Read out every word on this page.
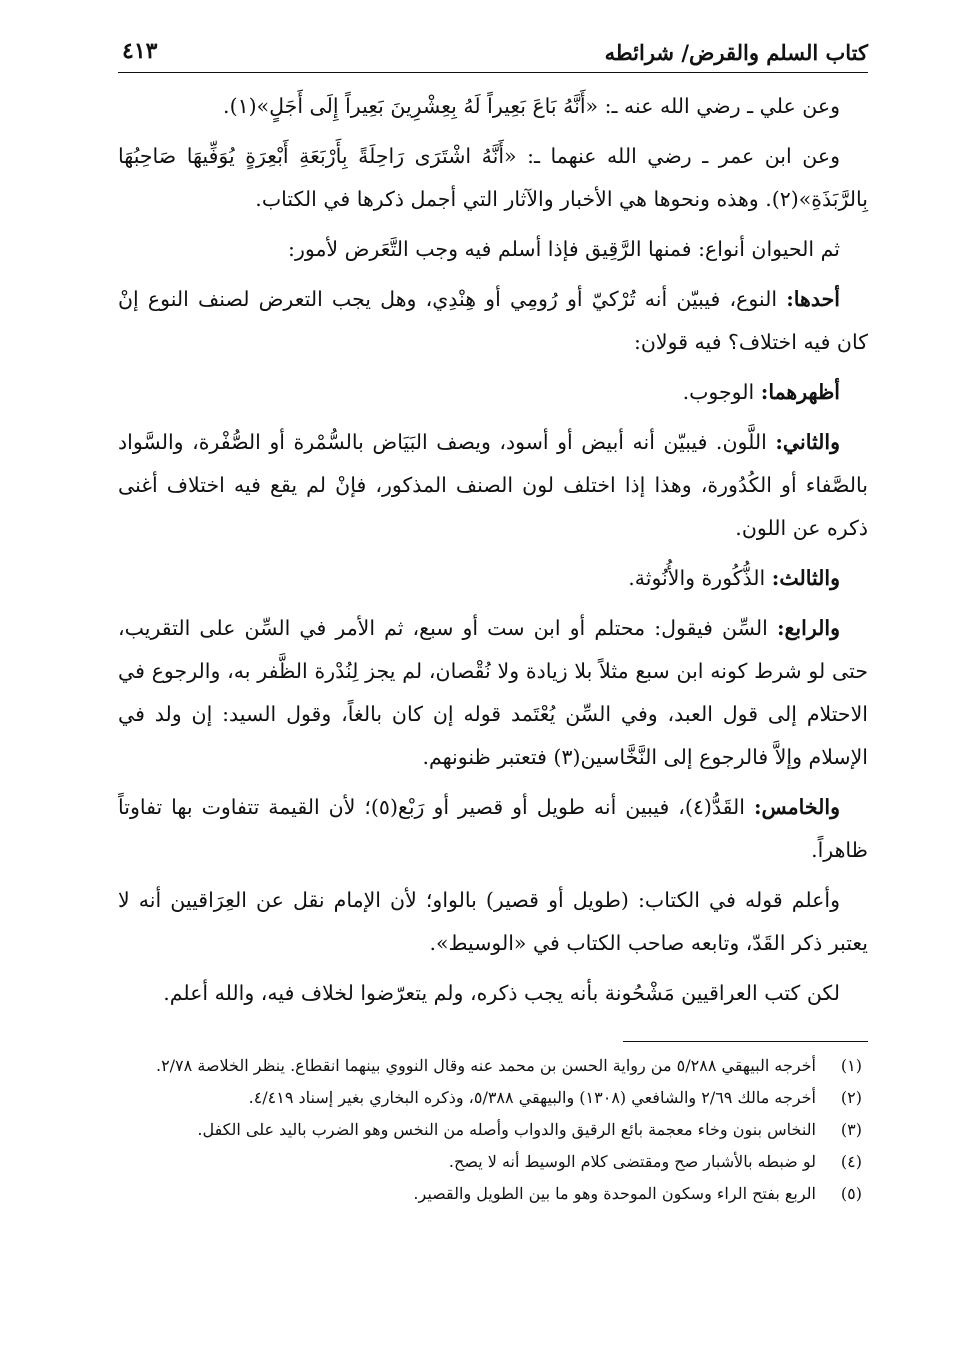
كتاب السلم والقرض/ شرائطه
٤١٣

وعن علي ـ رضي الله عنه ـ: «أَنَّهُ بَاعَ بَعِيراً لَهُ بِعِشْرِينَ بَعِيراً إِلَى أَجَلٍ»(١).

وعن ابن عمر ـ رضي الله عنهما ـ: «أَنَّهُ اشْتَرَى رَاحِلَةً بِأَرْبَعَةِ أَبْعِرَةٍ يُوَفِّيهَا صَاحِبُهَا بِالرَّبَذَةِ»(٢). وهذه ونحوها هي الأخبار والآثار التي أجمل ذكرها في الكتاب.

ثم الحيوان أنواع: فمنها الرَّقِيق فإذا أسلم فيه وجب التَّعَرض لأمور:

أحدها: النوع، فيبيّن أنه تُرْكيّ أو رُومِي أو هِنْدِي، وهل يجب التعرض لصنف النوع إنْ كان فيه اختلاف؟ فيه قولان:

أظهرهما: الوجوب.

والثاني: اللَّون. فيبيّن أنه أبيض أو أسود، ويصف البَيَاض بالسُّمْرة أو الصُّفْرة، والسَّواد بالصَّفاء أو الكُدُورة، وهذا إذا اختلف لون الصنف المذكور، فإنْ لم يقع فيه اختلاف أغنى ذكره عن اللون.

والثالث: الذُّكُورة والأُنُوثة.

والرابع: السِّن فيقول: محتلم أو ابن ست أو سبع، ثم الأمر في السِّن على التقريب، حتى لو شرط كونه ابن سبع مثلاً بلا زيادة ولا نُقْصان، لم يجز لِنُدْرة الظَّفر به، والرجوع في الاحتلام إلى قول العبد، وفي السِّن يُعْتَمد قوله إن كان بالغاً، وقول السيد: إن ولد في الإسلام وإلاَّ فالرجوع إلى النَّخَّاسين(٣) فتعتبر ظنونهم.

والخامس: القَدُّ(٤)، فيبين أنه طويل أو قصير أو رَبْع(٥)؛ لأن القيمة تتفاوت بها تفاوتاً ظاهراً.

وأعلم قوله في الكتاب: (طويل أو قصير) بالواو؛ لأن الإمام نقل عن العِرَاقيين أنه لا يعتبر ذكر القَدّ، وتابعه صاحب الكتاب في «الوسيط».

لكن كتب العراقيين مَشْحُونة بأنه يجب ذكره، ولم يتعرّضوا لخلاف فيه، والله أعلم.

(١)
أخرجه البيهقي ٥/٢٨٨ من رواية الحسن بن محمد عنه وقال النووي بينهما انقطاع. ينظر الخلاصة ٢/٧٨.
(٢)
أخرجه مالك ٢/٦٩ والشافعي (١٣٠٨) والبيهقي ٥/٣٨٨، وذكره البخاري بغير إسناد ٤/٤١٩.
(٣)
النخاس بنون وخاء معجمة بائع الرقيق والدواب وأصله من النخس وهو الضرب باليد على الكفل.
(٤)
لو ضبطه بالأشبار صح ومقتضى كلام الوسيط أنه لا يصح.
(٥)
الربع بفتح الراء وسكون الموحدة وهو ما بين الطويل والقصير.
